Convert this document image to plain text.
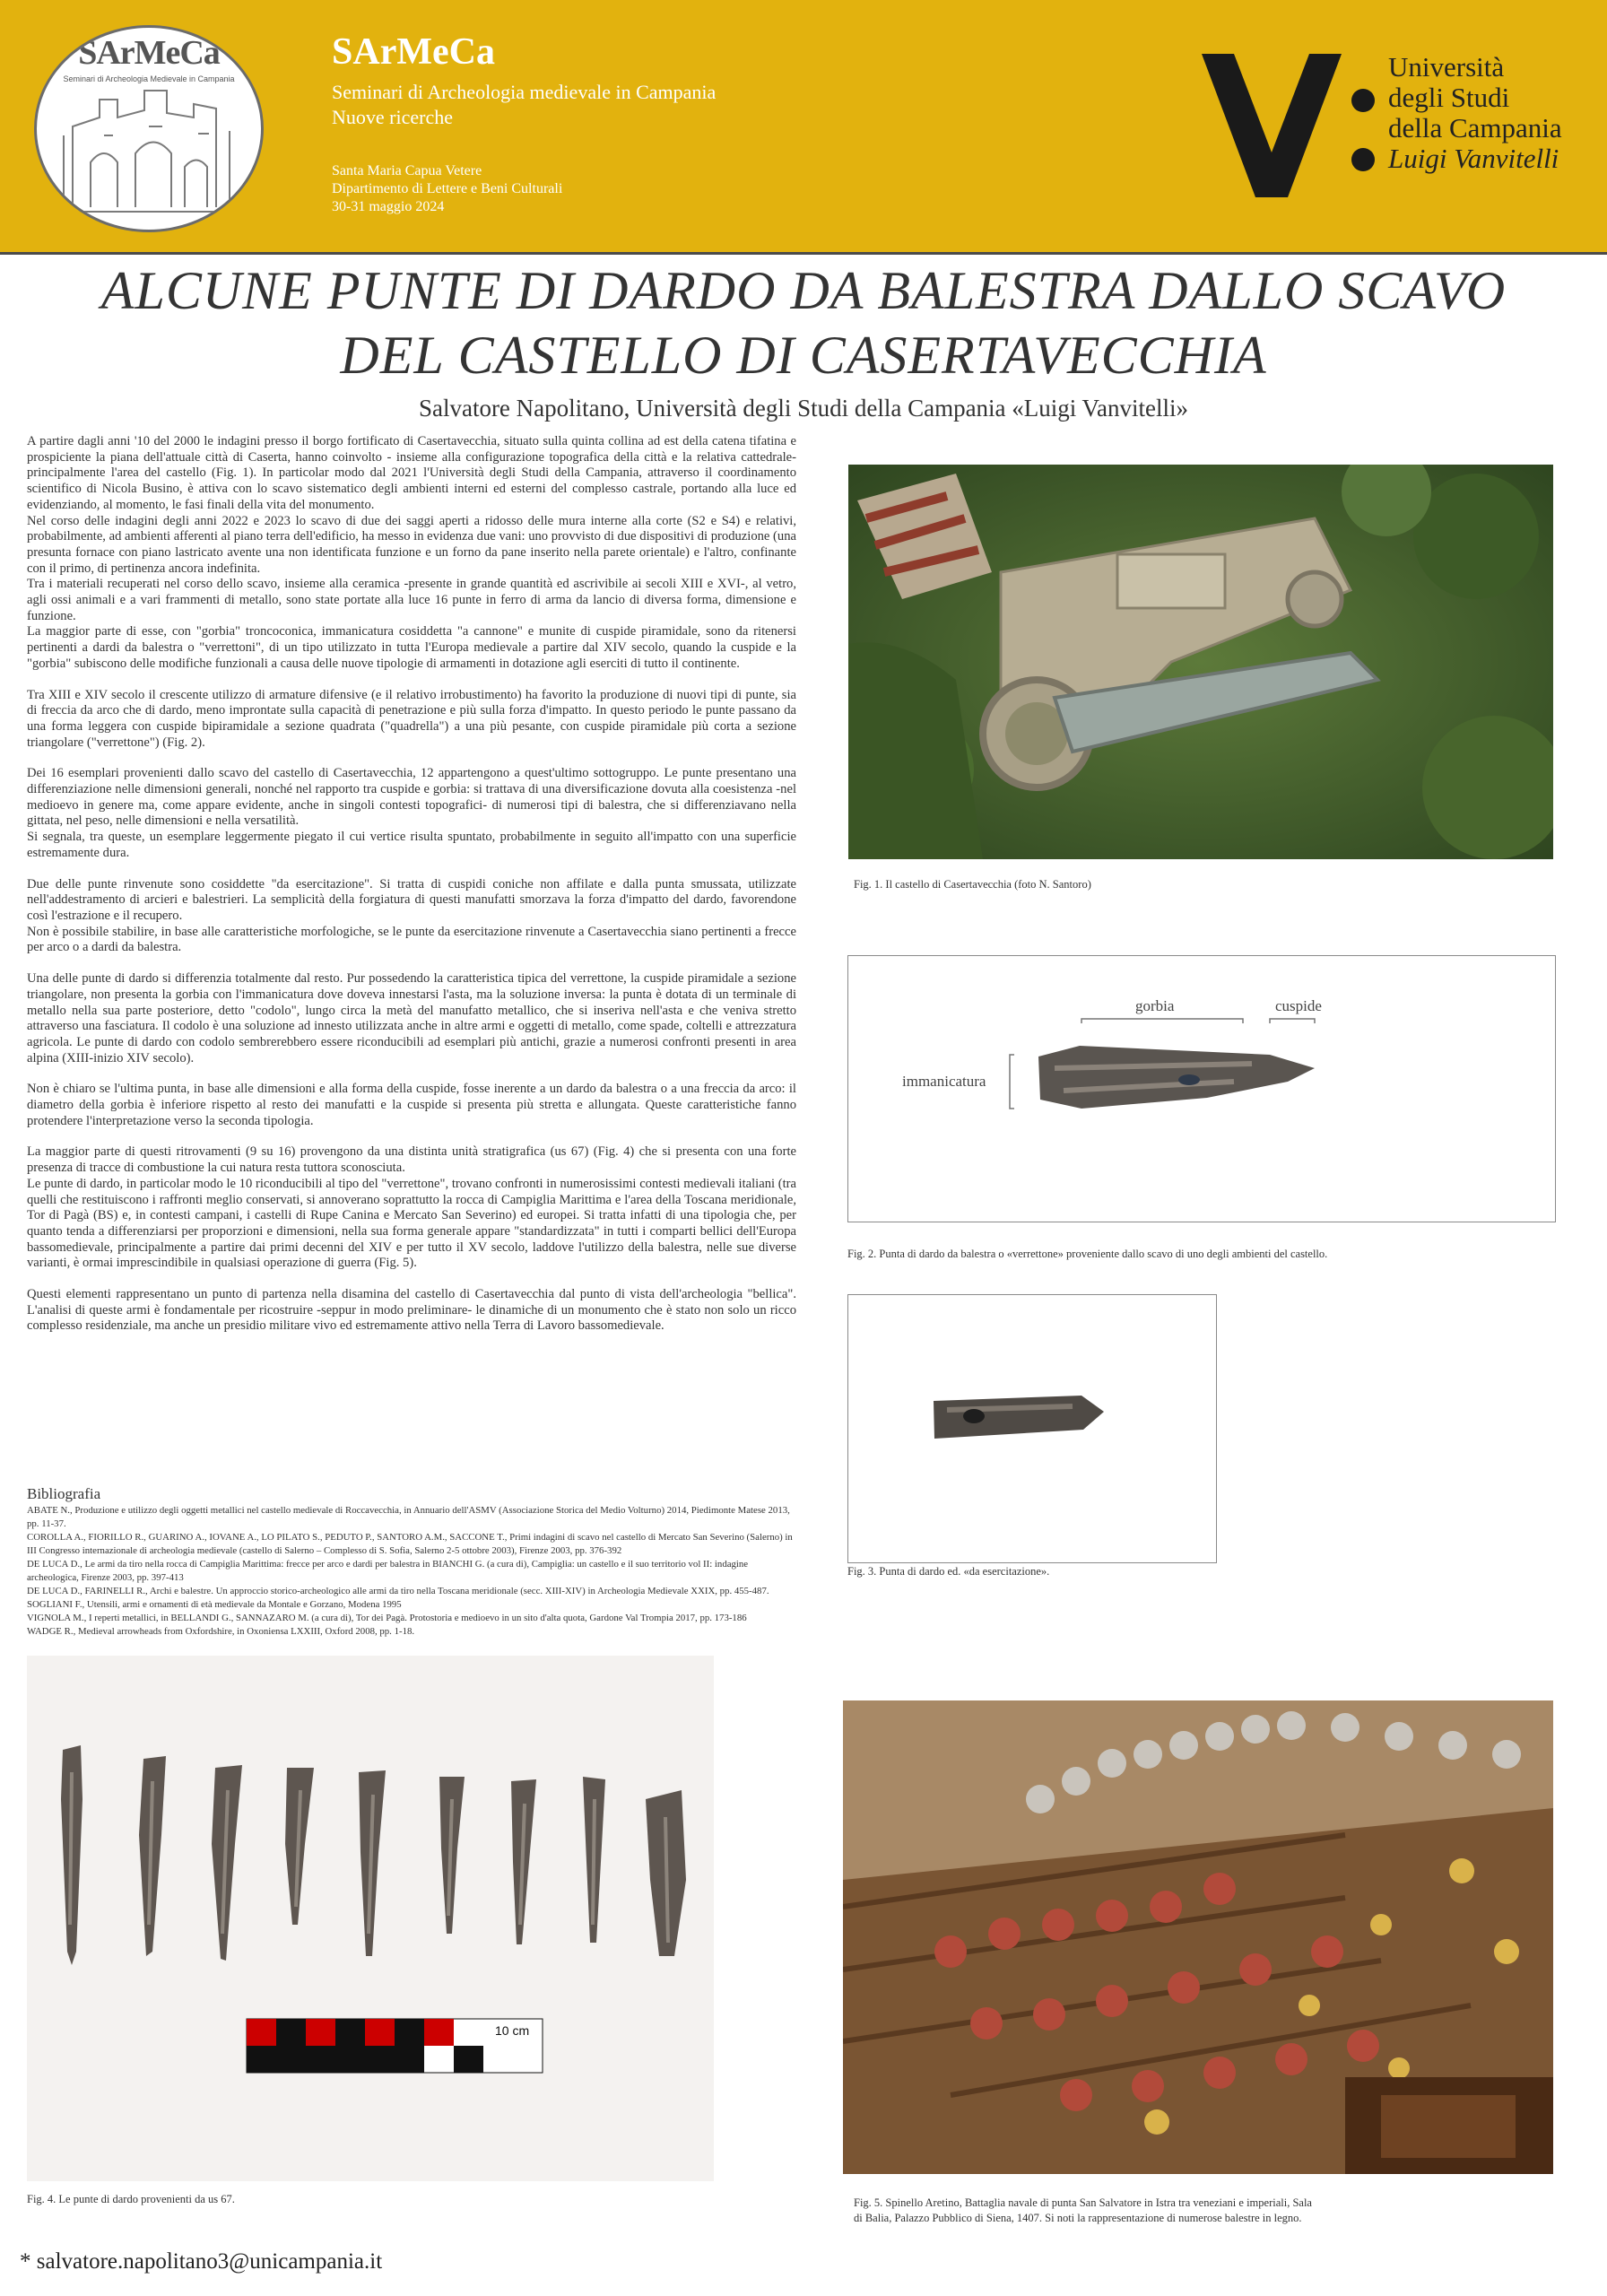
SArMeCa
Seminari di Archeologia Medievale in Campania
SArMeCa
Seminari di Archeologia medievale in Campania
Nuove ricerche
Santa Maria Capua Vetere
Dipartimento di Lettere e Beni Culturali
30-31 maggio 2024
Università
degli Studi
della Campania
Luigi Vanvitelli
ALCUNE PUNTE DI DARDO DA BALESTRA DALLO SCAVO
DEL CASTELLO DI CASERTAVECCHIA
Salvatore Napolitano, Università degli Studi della Campania «Luigi Vanvitelli»

A partire dagli anni '10 del 2000 le indagini presso il borgo fortificato di Casertavecchia, situato sulla quinta collina ad est della catena tifatina e prospiciente la piana dell'attuale città di Caserta, hanno coinvolto - insieme alla configurazione topografica della città e la relativa cattedrale- principalmente l'area del castello (Fig. 1). In particolar modo dal 2021 l'Università degli Studi della Campania, attraverso il coordinamento scientifico di Nicola Busino, è attiva con lo scavo sistematico degli ambienti interni ed esterni del complesso castrale, portando alla luce ed evidenziando, al momento, le fasi finali della vita del monumento.

Nel corso delle indagini degli anni 2022 e 2023 lo scavo di due dei saggi aperti a ridosso delle mura interne alla corte (S2 e S4) e relativi, probabilmente, ad ambienti afferenti al piano terra dell'edificio, ha messo in evidenza due vani: uno provvisto di due dispositivi di produzione (una presunta fornace con piano lastricato avente una non identificata funzione e un forno da pane inserito nella parete orientale) e l'altro, confinante con il primo, di pertinenza ancora indefinita.

Tra i materiali recuperati nel corso dello scavo, insieme alla ceramica -presente in grande quantità ed ascrivibile ai secoli XIII e XVI-, al vetro, agli ossi animali e a vari frammenti di metallo, sono state portate alla luce 16 punte in ferro di arma da lancio di diversa forma, dimensione e funzione.

La maggior parte di esse, con "gorbia" troncoconica, immanicatura cosiddetta "a cannone" e munite di cuspide piramidale, sono da ritenersi pertinenti a dardi da balestra o "verrettoni", di un tipo utilizzato in tutta l'Europa medievale a partire dal XIV secolo, quando la cuspide e la "gorbia" subiscono delle modifiche funzionali a causa delle nuove tipologie di armamenti in dotazione agli eserciti di tutto il continente.

Tra XIII e XIV secolo il crescente utilizzo di armature difensive (e il relativo irrobustimento) ha favorito la produzione di nuovi tipi di punte, sia di freccia da arco che di dardo, meno improntate sulla capacità di penetrazione e più sulla forza d'impatto. In questo periodo le punte passano da una forma leggera con cuspide bipiramidale a sezione quadrata ("quadrella") a una più pesante, con cuspide piramidale più corta a sezione triangolare ("verrettone") (Fig. 2).

Dei 16 esemplari provenienti dallo scavo del castello di Casertavecchia, 12 appartengono a quest'ultimo sottogruppo. Le punte presentano una differenziazione nelle dimensioni generali, nonché nel rapporto tra cuspide e gorbia: si trattava di una diversificazione dovuta alla coesistenza -nel medioevo in genere ma, come appare evidente, anche in singoli contesti topografici- di numerosi tipi di balestra, che si differenziavano nella gittata, nel peso, nelle dimensioni e nella versatilità.

Si segnala, tra queste, un esemplare leggermente piegato il cui vertice risulta spuntato, probabilmente in seguito all'impatto con una superficie estremamente dura.

Due delle punte rinvenute sono cosiddette "da esercitazione". Si tratta di cuspidi coniche non affilate e dalla punta smussata, utilizzate nell'addestramento di arcieri e balestrieri. La semplicità della forgiatura di questi manufatti smorzava la forza d'impatto del dardo, favorendone così l'estrazione e il recupero.

Non è possibile stabilire, in base alle caratteristiche morfologiche, se le punte da esercitazione rinvenute a Casertavecchia siano pertinenti a frecce per arco o a dardi da balestra.

Una delle punte di dardo si differenzia totalmente dal resto. Pur possedendo la caratteristica tipica del verrettone, la cuspide piramidale a sezione triangolare, non presenta la gorbia con l'immanicatura dove doveva innestarsi l'asta, ma la soluzione inversa: la punta è dotata di un terminale di metallo nella sua parte posteriore, detto "codolo", lungo circa la metà del manufatto metallico, che si inseriva nell'asta e che veniva stretto attraverso una fasciatura. Il codolo è una soluzione ad innesto utilizzata anche in altre armi e oggetti di metallo, come spade, coltelli e attrezzatura agricola. Le punte di dardo con codolo sembrerebbero essere riconducibili ad esemplari più antichi, grazie a numerosi confronti presenti in area alpina (XIII-inizio XIV secolo).

Non è chiaro se l'ultima punta, in base alle dimensioni e alla forma della cuspide, fosse inerente a un dardo da balestra o a una freccia da arco: il diametro della gorbia è inferiore rispetto al resto dei manufatti e la cuspide si presenta più stretta e allungata. Queste caratteristiche fanno protendere l'interpretazione verso la seconda tipologia.

La maggior parte di questi ritrovamenti (9 su 16) provengono da una distinta unità stratigrafica (us 67) (Fig. 4) che si presenta con una forte presenza di tracce di combustione la cui natura resta tuttora sconosciuta.

Le punte di dardo, in particolar modo le 10 riconducibili al tipo del "verrettone", trovano confronti in numerosissimi contesti medievali italiani (tra quelli che restituiscono i raffronti meglio conservati, si annoverano soprattutto la rocca di Campiglia Marittima e l'area della Toscana meridionale, Tor di Pagà (BS) e, in contesti campani, i castelli di Rupe Canina e Mercato San Severino) ed europei. Si tratta infatti di una tipologia che, per quanto tenda a differenziarsi per proporzioni e dimensioni, nella sua forma generale appare "standardizzata" in tutti i comparti bellici dell'Europa bassomedievale, principalmente a partire dai primi decenni del XIV e per tutto il XV secolo, laddove l'utilizzo della balestra, nelle sue diverse varianti, è ormai imprescindibile in qualsiasi operazione di guerra (Fig. 5).

Questi elementi rappresentano un punto di partenza nella disamina del castello di Casertavecchia dal punto di vista dell'archeologia "bellica". L'analisi di queste armi è fondamentale per ricostruire -seppur in modo preliminare- le dinamiche di un monumento che è stato non solo un ricco complesso residenziale, ma anche un presidio militare vivo ed estremamente attivo nella Terra di Lavoro bassomedievale.

Bibliografia
ABATE N., Produzione e utilizzo degli oggetti metallici nel castello medievale di Roccavecchia, in Annuario dell'ASMV (Associazione Storica del Medio Volturno) 2014, Piedimonte Matese 2013, pp. 11-37.
COROLLA A., FIORILLO R., GUARINO A., IOVANE A., LO PILATO S., PEDUTO P., SANTORO A.M., SACCONE T., Primi indagini di scavo nel castello di Mercato San Severino (Salerno) in III Congresso internazionale di archeologia medievale (castello di Salerno – Complesso di S. Sofia, Salerno 2-5 ottobre 2003), Firenze 2003, pp. 376-392
DE LUCA D., Le armi da tiro nella rocca di Campiglia Marittima: frecce per arco e dardi per balestra in BIANCHI G. (a cura di), Campiglia: un castello e il suo territorio vol II: indagine archeologica, Firenze 2003, pp. 397-413
DE LUCA D., FARINELLI R., Archi e balestre. Un approccio storico-archeologico alle armi da tiro nella Toscana meridionale (secc. XIII-XIV) in Archeologia Medievale XXIX, pp. 455-487.
SOGLIANI F., Utensili, armi e ornamenti di età medievale da Montale e Gorzano, Modena 1995
VIGNOLA M., I reperti metallici, in BELLANDI G., SANNAZARO M. (a cura di), Tor dei Pagà. Protostoria e medioevo in un sito d'alta quota, Gardone Val Trompia 2017, pp. 173-186
WADGE R., Medieval arrowheads from Oxfordshire, in Oxoniensa LXXIII, Oxford 2008, pp. 1-18.
Fig. 1. Il castello di Casertavecchia (foto N. Santoro)
gorbia	cuspide
immanicatura
Fig. 2. Punta di dardo da balestra o «verrettone» proveniente dallo scavo di uno degli ambienti del castello.
Fig. 3. Punta di dardo ed. «da esercitazione».
10 cm
Fig. 4. Le punte di dardo provenienti da us 67.	Fig. 5. Spinello Aretino, Battaglia navale di punta San Salvatore in Istra tra veneziani e imperiali, Sala di Balia, Palazzo Pubblico di Siena, 1407. Si noti la rappresentazione di numerose balestre in legno.
* salvatore.napolitano3@unicampania.it
